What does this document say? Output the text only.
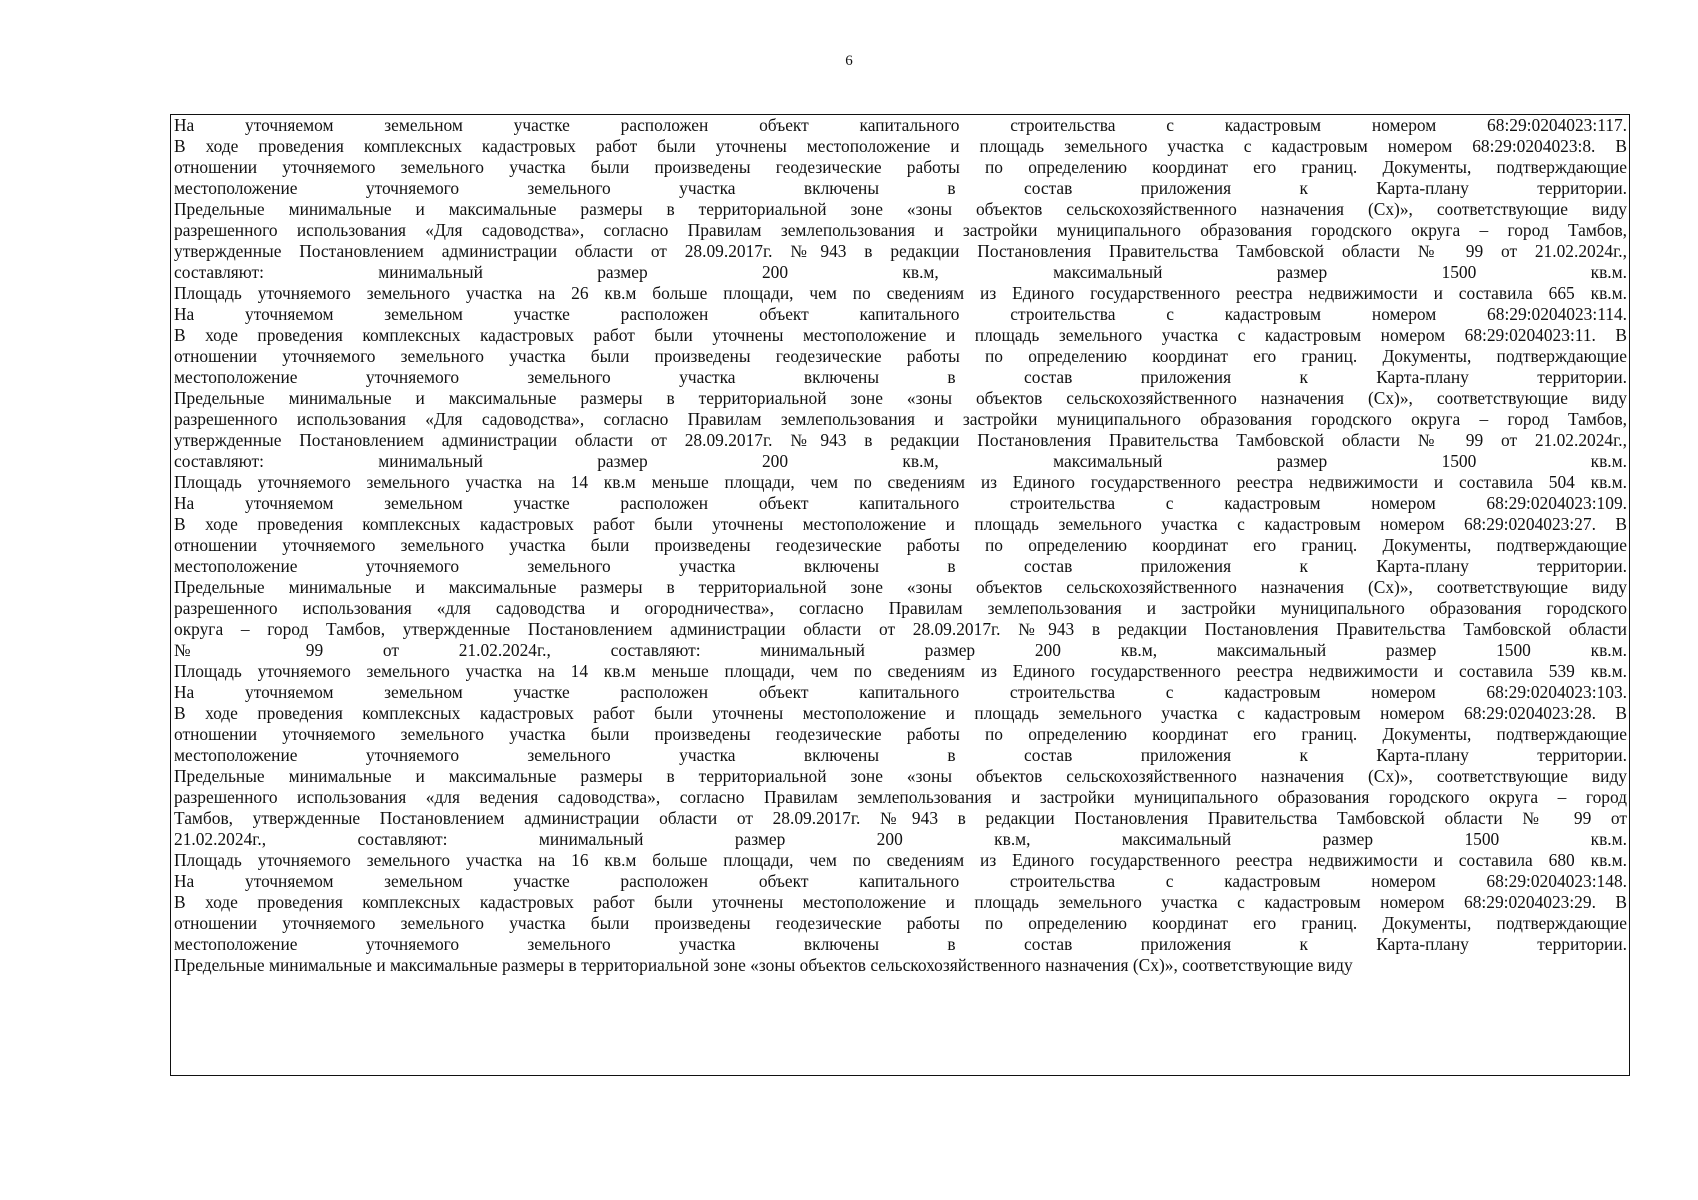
6
На уточняемом земельном участке расположен объект капитального строительства с кадастровым номером 68:29:0204023:117.
В ходе проведения комплексных кадастровых работ были уточнены местоположение и площадь земельного участка с кадастровым номером 68:29:0204023:8. В
отношении уточняемого земельного участка были произведены геодезические работы по определению координат его границ. Документы, подтверждающие
местоположение уточняемого земельного участка включены в состав приложения к Карта-плану территории.
Предельные минимальные и максимальные размеры в территориальной зоне «зоны объектов сельскохозяйственного назначения (Сх)», соответствующие виду
разрешенного использования «Для садоводства», согласно Правилам землепользования и застройки муниципального образования городского округа – город Тамбов,
утвержденные Постановлением администрации области от 28.09.2017г. №943 в редакции Постановления Правительства Тамбовской области № 99 от 21.02.2024г.,
составляют: минимальный размер 200 кв.м, максимальный размер 1500 кв.м.
Площадь уточняемого земельного участка на 26 кв.м больше площади, чем по сведениям из Единого государственного реестра недвижимости и составила 665 кв.м.
На уточняемом земельном участке расположен объект капитального строительства с кадастровым номером 68:29:0204023:114.
В ходе проведения комплексных кадастровых работ были уточнены местоположение и площадь земельного участка с кадастровым номером 68:29:0204023:11. В
отношении уточняемого земельного участка были произведены геодезические работы по определению координат его границ. Документы, подтверждающие
местоположение уточняемого земельного участка включены в состав приложения к Карта-плану территории.
Предельные минимальные и максимальные размеры в территориальной зоне «зоны объектов сельскохозяйственного назначения (Сх)», соответствующие виду
разрешенного использования «Для садоводства», согласно Правилам землепользования и застройки муниципального образования городского округа – город Тамбов,
утвержденные Постановлением администрации области от 28.09.2017г. №943 в редакции Постановления Правительства Тамбовской области № 99 от 21.02.2024г.,
составляют: минимальный размер 200 кв.м, максимальный размер 1500 кв.м.
Площадь уточняемого земельного участка на 14 кв.м меньше площади, чем по сведениям из Единого государственного реестра недвижимости и составила 504 кв.м.
На уточняемом земельном участке расположен объект капитального строительства с кадастровым номером 68:29:0204023:109.
В ходе проведения комплексных кадастровых работ были уточнены местоположение и площадь земельного участка с кадастровым номером 68:29:0204023:27. В
отношении уточняемого земельного участка были произведены геодезические работы по определению координат его границ. Документы, подтверждающие
местоположение уточняемого земельного участка включены в состав приложения к Карта-плану территории.
Предельные минимальные и максимальные размеры в территориальной зоне «зоны объектов сельскохозяйственного назначения (Сх)», соответствующие виду
разрешенного использования «для садоводства и огородничества», согласно Правилам землепользования и застройки муниципального образования городского
округа – город Тамбов, утвержденные Постановлением администрации области от 28.09.2017г. №943 в редакции Постановления Правительства Тамбовской области
№ 99 от 21.02.2024г., составляют: минимальный размер 200 кв.м, максимальный размер 1500 кв.м.
Площадь уточняемого земельного участка на 14 кв.м меньше площади, чем по сведениям из Единого государственного реестра недвижимости и составила 539 кв.м.
На уточняемом земельном участке расположен объект капитального строительства с кадастровым номером 68:29:0204023:103.
В ходе проведения комплексных кадастровых работ были уточнены местоположение и площадь земельного участка с кадастровым номером 68:29:0204023:28. В
отношении уточняемого земельного участка были произведены геодезические работы по определению координат его границ. Документы, подтверждающие
местоположение уточняемого земельного участка включены в состав приложения к Карта-плану территории.
Предельные минимальные и максимальные размеры в территориальной зоне «зоны объектов сельскохозяйственного назначения (Сх)», соответствующие виду
разрешенного использования «для ведения садоводства», согласно Правилам землепользования и застройки муниципального образования городского округа – город
Тамбов, утвержденные Постановлением администрации области от 28.09.2017г. №943 в редакции Постановления Правительства Тамбовской области № 99 от
21.02.2024г., составляют: минимальный размер 200 кв.м, максимальный размер 1500 кв.м.
Площадь уточняемого земельного участка на 16 кв.м больше площади, чем по сведениям из Единого государственного реестра недвижимости и составила 680 кв.м.
На уточняемом земельном участке расположен объект капитального строительства с кадастровым номером 68:29:0204023:148.
В ходе проведения комплексных кадастровых работ были уточнены местоположение и площадь земельного участка с кадастровым номером 68:29:0204023:29. В
отношении уточняемого земельного участка были произведены геодезические работы по определению координат его границ. Документы, подтверждающие
местоположение уточняемого земельного участка включены в состав приложения к Карта-плану территории.
Предельные минимальные и максимальные размеры в территориальной зоне «зоны объектов сельскохозяйственного назначения (Сх)», соответствующие виду
